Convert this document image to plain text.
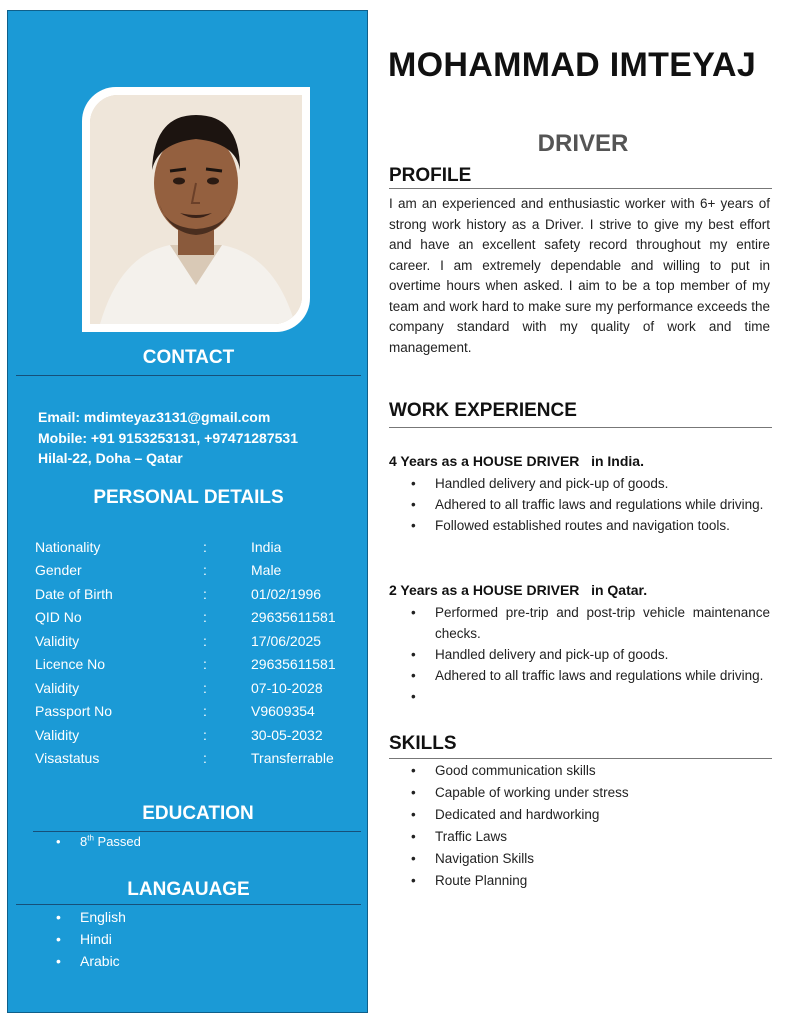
CONTACT
Email: mdimteyaz3131@gmail.com
Mobile: +91 9153253131, +97471287531
Hilal-22, Doha – Qatar
PERSONAL DETAILS
Nationality	:	India
Gender	:	Male
Date of Birth	:	01/02/1996
QID No	:	29635611581
Validity	:	17/06/2025
Licence No	:	29635611581
Validity	:	07-10-2028
Passport No	:	V9609354
Validity	:	30-05-2032
Visastatus	:	Transferrable
EDUCATION
• 8th Passed
LANGAUAGE
• English
• Hindi
• Arabic
MOHAMMAD IMTEYAJ
DRIVER
PROFILE

I am an experienced and enthusiastic worker with 6+ years of strong work history as a Driver. I strive to give my best effort and have an excellent safety record throughout my entire career. I am extremely dependable and willing to put in overtime hours when asked. I aim to be a top member of my team and work hard to make sure my performance exceeds the company standard with my quality of work and time management.

WORK EXPERIENCE
4 Years as a HOUSE DRIVER   in India.
• Handled delivery and pick-up of goods.
• Adhered to all traffic laws and regulations while driving.
• Followed established routes and navigation tools.
2 Years as a HOUSE DRIVER   in Qatar.
• Performed pre-trip and post-trip vehicle maintenance checks.
• Handled delivery and pick-up of goods.
• Adhered to all traffic laws and regulations while driving.
•
SKILLS
• Good communication skills
• Capable of working under stress
• Dedicated and hardworking
• Traffic Laws
• Navigation Skills
• Route Planning
